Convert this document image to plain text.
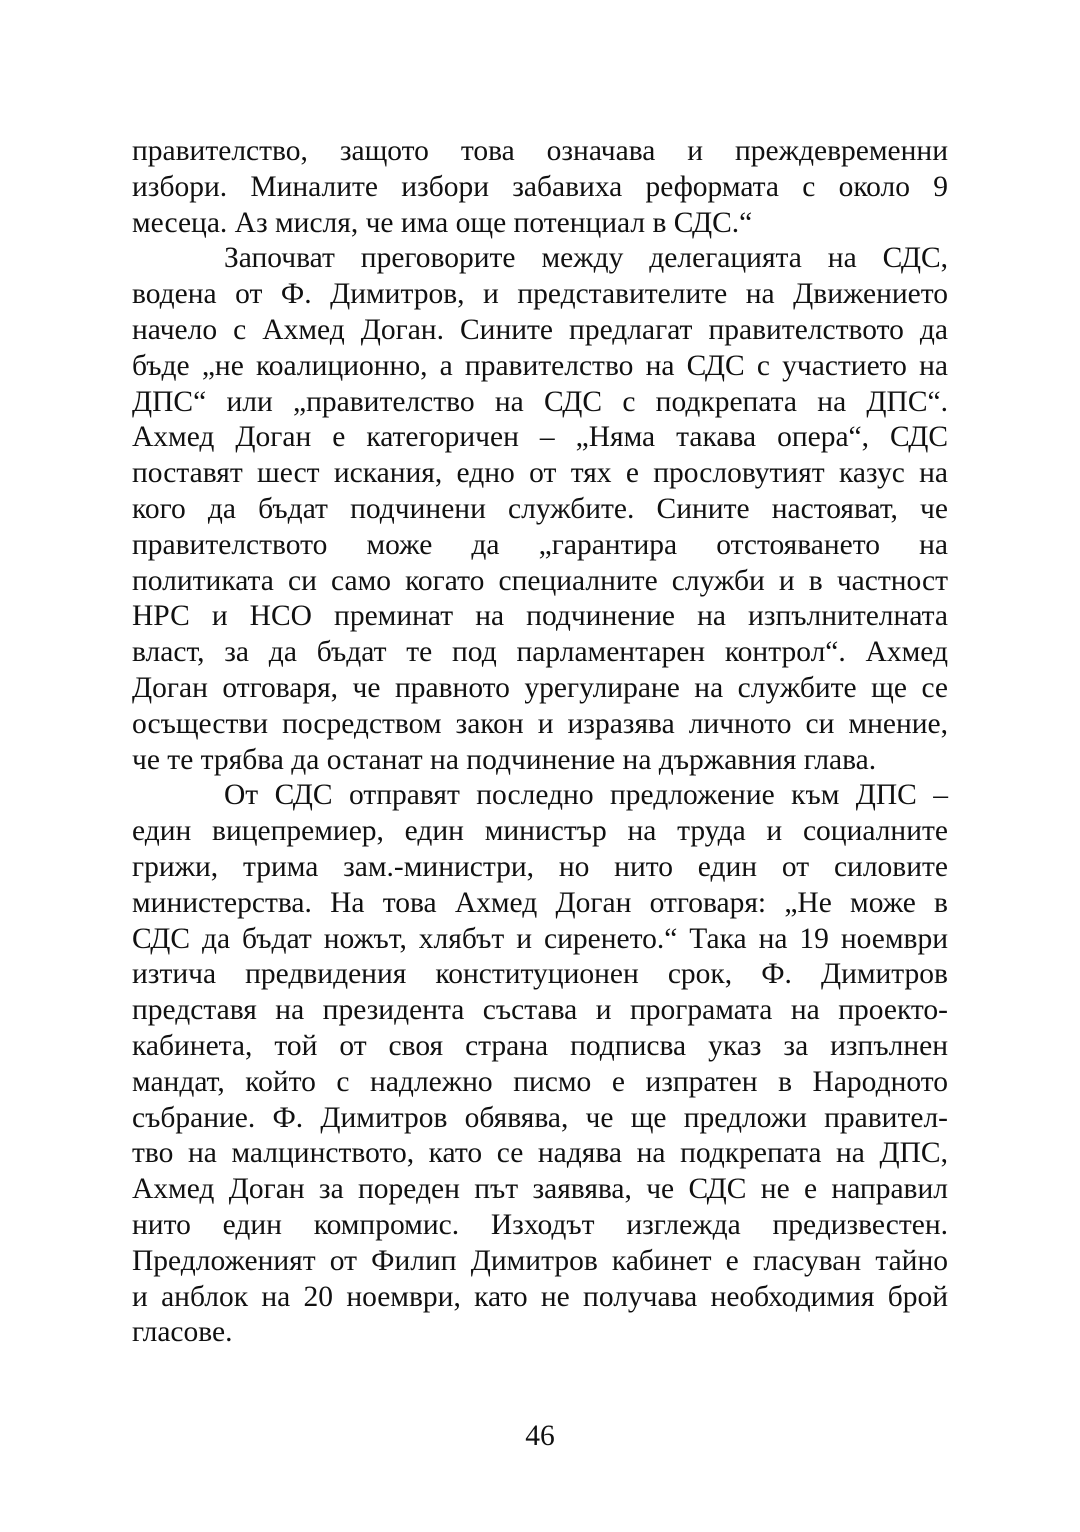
правителство, защото това означава и преждевременни
избори. Миналите избори забавиха реформата с около 9
месеца. Аз мисля, че има още потенциал в СДС.“
Започват преговорите между делегацията на СДС,
водена от Ф. Димитров, и представителите на Движението
начело с Ахмед Доган. Сините предлагат правителството да
бъде „не коалиционно, а правителство на СДС с участието на
ДПС“ или „правителство на СДС с подкрепата на ДПС“.
Ахмед Доган е категоричен – „Няма такава опера“, СДС
поставят шест искания, едно от тях е прословутият казус на
кого да бъдат подчинени службите. Сините настояват, че
правителството може да „гарантира отстояването на
политиката си само когато специалните служби и в частност
НРС и НСО преминат на подчинение на изпълнителната
власт, за да бъдат те под парламентарен контрол“. Ахмед
Доган отговаря, че правното урегулиране на службите ще се
осъществи посредством закон и изразява личното си мнение,
че те трябва да останат на подчинение на държавния глава.
От СДС отправят последно предложение към ДПС –
един вицепремиер, един министър на труда и социалните
грижи, трима зам.-министри, но нито един от силовите
министерства. На това Ахмед Доган отговаря: „Не може в
СДС да бъдат ножът, хлябът и сиренето.“ Така на 19 ноември
изтича предвидения конституционен срок, Ф. Димитров
представя на президента състава и програмата на проекто-
кабинета, той от своя страна подписва указ за изпълнен
мандат, който с надлежно писмо е изпратен в Народното
събрание. Ф. Димитров обявява, че ще предложи правител-
тво на малцинството, като се надява на подкрепата на ДПС,
Ахмед Доган за пореден път заявява, че СДС не е направил
нито един компромис. Изходът изглежда предизвестен.
Предложеният от Филип Димитров кабинет е гласуван тайно
и анблок на 20 ноември, като не получава необходимия брой
гласове.
46
